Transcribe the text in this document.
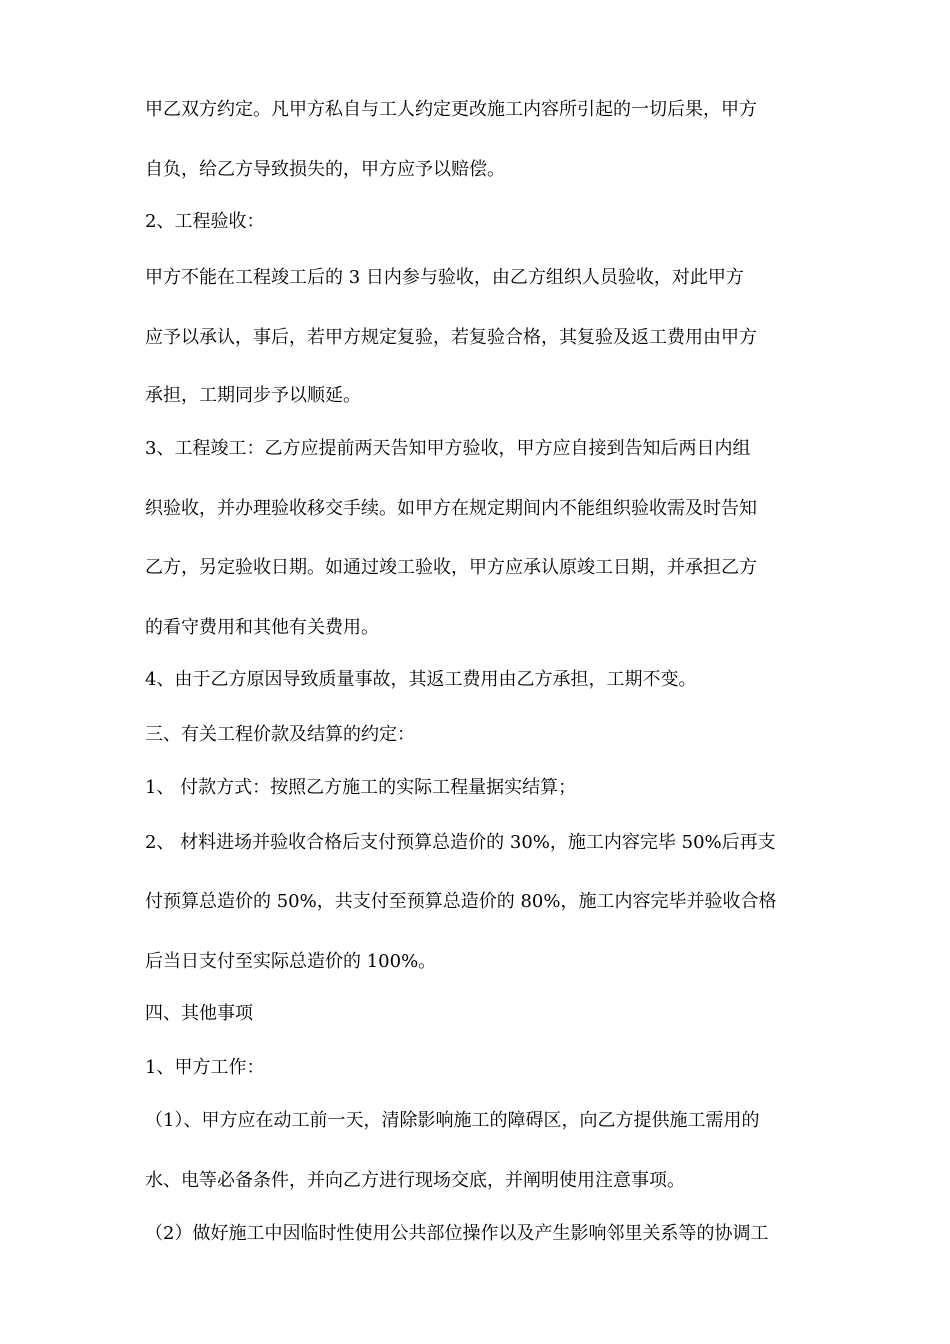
甲乙双方约定。凡甲方私自与工人约定更改施工内容所引起的一切后果，甲方
自负，给乙方导致损失的，甲方应予以赔偿。
2、工程验收：
甲方不能在工程竣工后的 3 日内参与验收，由乙方组织人员验收，对此甲方
应予以承认，事后，若甲方规定复验，若复验合格，其复验及返工费用由甲方
承担，工期同步予以顺延。
3、工程竣工：乙方应提前两天告知甲方验收，甲方应自接到告知后两日内组
织验收，并办理验收移交手续。如甲方在规定期间内不能组织验收需及时告知
乙方，另定验收日期。如通过竣工验收，甲方应承认原竣工日期，并承担乙方
的看守费用和其他有关费用。
4、由于乙方原因导致质量事故，其返工费用由乙方承担，工期不变。
三、有关工程价款及结算的约定：
1、 付款方式：按照乙方施工的实际工程量据实结算；
2、 材料进场并验收合格后支付预算总造价的 30%，施工内容完毕 50%后再支
付预算总造价的 50%，共支付至预算总造价的 80%，施工内容完毕并验收合格
后当日支付至实际总造价的 100%。
四、其他事项
1、甲方工作：
（1）、甲方应在动工前一天，清除影响施工的障碍区，向乙方提供施工需用的
水、电等必备条件，并向乙方进行现场交底，并阐明使用注意事项。
（2）做好施工中因临时性使用公共部位操作以及产生影响邻里关系等的协调工
